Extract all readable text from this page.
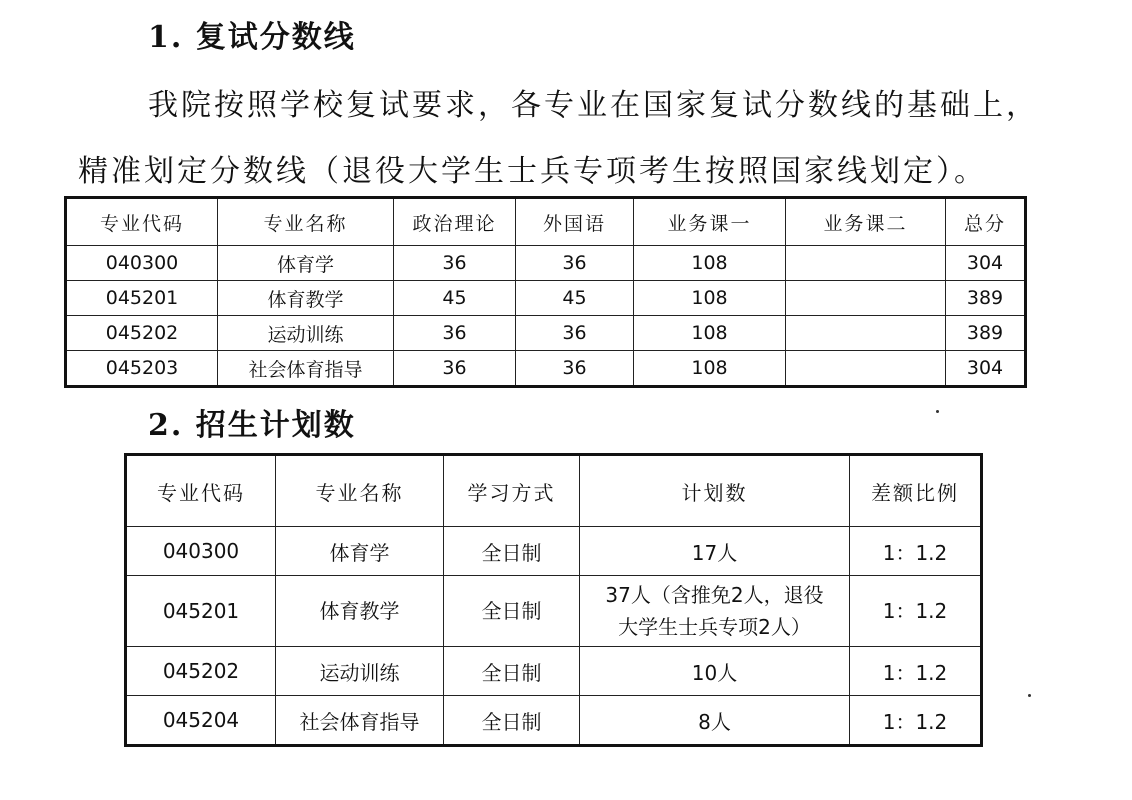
1. 复试分数线
我院按照学校复试要求，各专业在国家复试分数线的基础上，
精准划定分数线（退役大学生士兵专项考生按照国家线划定）。
专业代码	专业名称	政治理论	外国语	业务课一	业务课二	总分
040300	体育学	36	36	108		304
045201	体育教学	45	45	108		389
045202	运动训练	36	36	108		389
045203	社会体育指导	36	36	108		304
2. 招生计划数
专业代码	专业名称	学习方式	计划数	差额比例
040300	体育学	全日制	17人	1：1.2
045201	体育教学	全日制	37人（含推免2人，退役
大学生士兵专项2人）	1：1.2
045202	运动训练	全日制	10人	1：1.2
045204	社会体育指导	全日制	8人	1：1.2
